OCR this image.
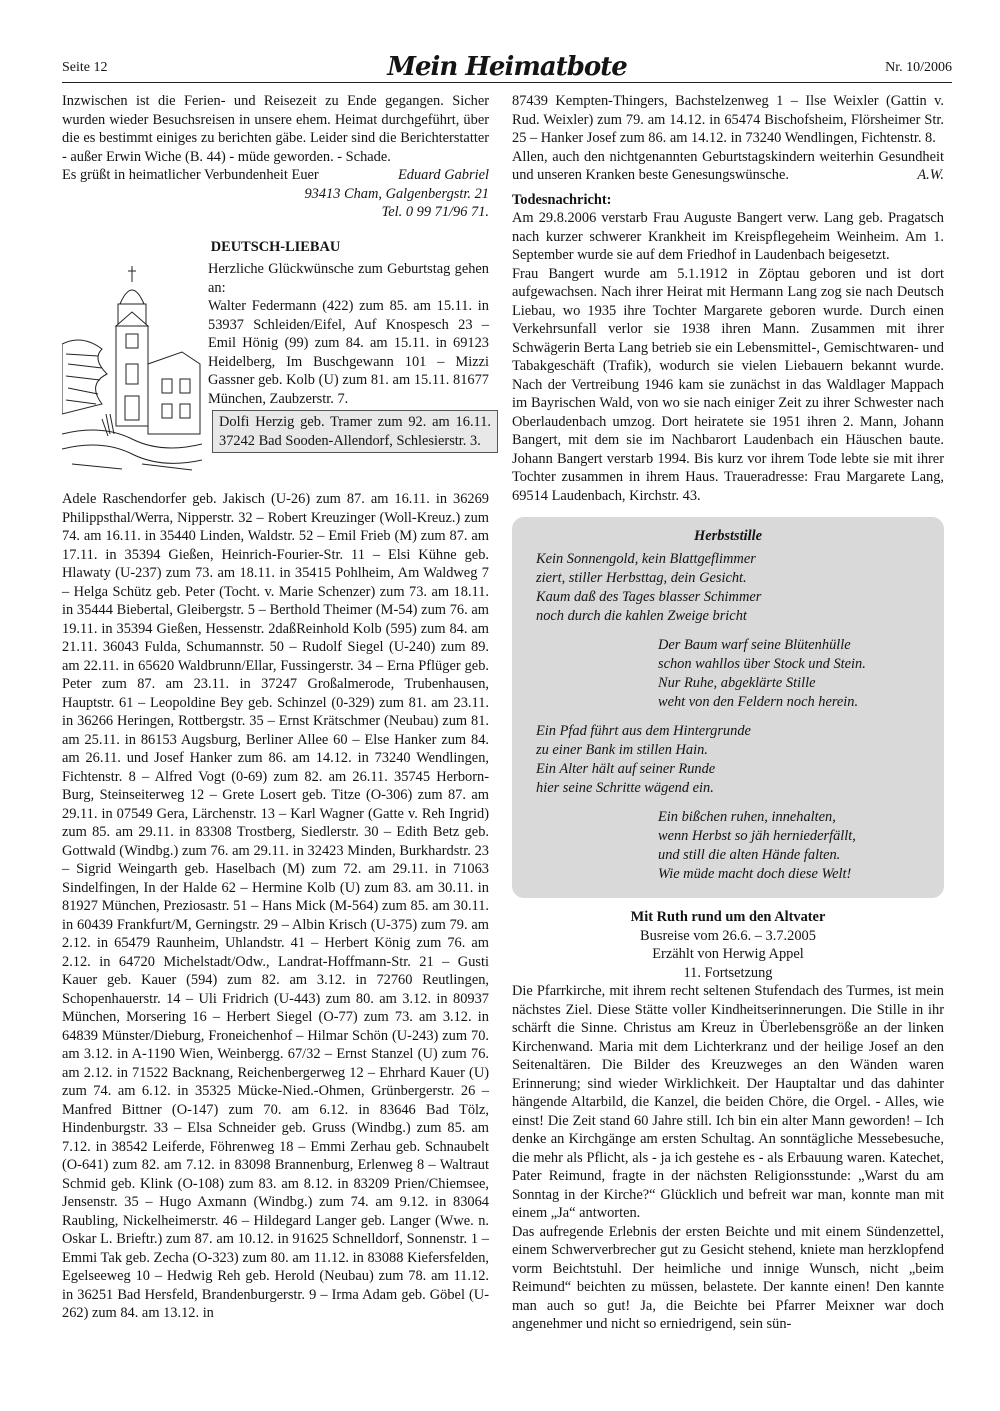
Seite 12	Mein Heimatbote	Nr. 10/2006

Inzwischen ist die Ferien- und Reisezeit zu Ende gegangen. Sicher wurden wieder Besuchsreisen in unsere ehem. Heimat durchgeführt, über die es bestimmt einiges zu berichten gäbe. Leider sind die Berichterstatter - außer Erwin Wiche (B. 44) - müde geworden. - Schade.

Es grüßt in heimatlicher Verbundenheit Euer	Eduard Gabriel
93413 Cham, Galgenbergstr. 21
Tel. 0 99 71/96 71.
DEUTSCH-LIEBAU

Herzliche Glückwünsche zum Geburtstag gehen an:

Walter Federmann (422) zum 85. am 15.11. in 53937 Schleiden/Eifel, Auf Knospesch 23 – Emil Hönig (99) zum 84. am 15.11. in 69123 Heidelberg, Im Buschgewann 101 – Mizzi Gassner geb. Kolb (U) zum 81. am 15.11. 81677 München, Zaubzerstr. 7.

Dolfi Herzig geb. Tramer zum 92. am 16.11. 37242 Bad Sooden-Allendorf, Schlesierstr. 3.

Adele Raschendorfer geb. Jakisch (U-26) zum 87. am 16.11. in 36269 Philippsthal/Werra, Nipperstr. 32 – Robert Kreuzinger (Woll-Kreuz.) zum 74. am 16.11. in 35440 Linden, Waldstr. 52 – Emil Frieb (M) zum 87. am 17.11. in 35394 Gießen, Heinrich-Fourier-Str. 11 – Elsi Kühne geb. Hlawaty (U-237) zum 73. am 18.11. in 35415 Pohlheim, Am Waldweg 7 – Helga Schütz geb. Peter (Tocht. v. Marie Schenzer) zum 73. am 18.11. in 35444 Biebertal, Gleibergstr. 5 – Berthold Theimer (M-54) zum 76. am 19.11. in 35394 Gießen, Hessenstr. 2daßReinhold Kolb (595) zum 84. am 21.11. 36043 Fulda, Schumannstr. 50 – Rudolf Siegel (U-240) zum 89. am 22.11. in 65620 Waldbrunn/Ellar, Fussingerstr. 34 – Erna Pflüger geb. Peter zum 87. am 23.11. in 37247 Großalmerode, Trubenhausen, Hauptstr. 61 – Leopoldine Bey geb. Schinzel (0-329) zum 81. am 23.11. in 36266 Heringen, Rottbergstr. 35 – Ernst Krätschmer (Neubau) zum 81. am 25.11. in 86153 Augsburg, Berliner Allee 60 – Else Hanker zum 84. am 26.11. und Josef Hanker zum 86. am 14.12. in 73240 Wendlingen, Fichtenstr. 8 – Alfred Vogt (0-69) zum 82. am 26.11. 35745 Herborn-Burg, Steinseiterweg 12 – Grete Losert geb. Titze (O-306) zum 87. am 29.11. in 07549 Gera, Lärchenstr. 13 – Karl Wagner (Gatte v. Reh Ingrid) zum 85. am 29.11. in 83308 Trostberg, Siedlerstr. 30 – Edith Betz geb. Gottwald (Windbg.) zum 76. am 29.11. in 32423 Minden, Burkhardstr. 23 – Sigrid Weingarth geb. Haselbach (M) zum 72. am 29.11. in 71063 Sindelfingen, In der Halde 62 – Hermine Kolb (U) zum 83. am 30.11. in 81927 München, Preziosastr. 51 – Hans Mick (M-564) zum 85. am 30.11. in 60439 Frankfurt/M, Gerningstr. 29 – Albin Krisch (U-375) zum 79. am 2.12. in 65479 Raunheim, Uhlandstr. 41 – Herbert König zum 76. am 2.12. in 64720 Michelstadt/Odw., Landrat-Hoffmann-Str. 21 – Gusti Kauer geb. Kauer (594) zum 82. am 3.12. in 72760 Reutlingen, Schopenhauerstr. 14 – Uli Fridrich (U-443) zum 80. am 3.12. in 80937 München, Morsering 16 – Herbert Siegel (O-77) zum 73. am 3.12. in 64839 Münster/Dieburg, Froneichenhof – Hilmar Schön (U-243) zum 70. am 3.12. in A-1190 Wien, Weinbergg. 67/32 – Ernst Stanzel (U) zum 76. am 2.12. in 71522 Backnang, Reichenbergerweg 12 – Ehrhard Kauer (U) zum 74. am 6.12. in 35325 Mücke-Nied.-Ohmen, Grünbergerstr. 26 – Manfred Bittner (O-147) zum 70. am 6.12. in 83646 Bad Tölz, Hindenburgstr. 33 – Elsa Schneider geb. Gruss (Windbg.) zum 85. am 7.12. in 38542 Leiferde, Föhrenweg 18 – Emmi Zerhau geb. Schnaubelt (O-641) zum 82. am 7.12. in 83098 Brannenburg, Erlenweg 8 – Waltraut Schmid geb. Klink (O-108) zum 83. am 8.12. in 83209 Prien/Chiemsee, Jensenstr. 35 – Hugo Axmann (Windbg.) zum 74. am 9.12. in 83064 Raubling, Nickelheimerstr. 46 – Hildegard Langer geb. Langer (Wwe. n. Oskar L. Brieftr.) zum 87. am 10.12. in 91625 Schnelldorf, Sonnenstr. 1 – Emmi Tak geb. Zecha (O-323) zum 80. am 11.12. in 83088 Kiefersfelden, Egelseeweg 10 – Hedwig Reh geb. Herold (Neubau) zum 78. am 11.12. in 36251 Bad Hersfeld, Brandenburgerstr. 9 – Irma Adam geb. Göbel (U-262) zum 84. am 13.12. in

87439 Kempten-Thingers, Bachstelzenweg 1 – Ilse Weixler (Gattin v. Rud. Weixler) zum 79. am 14.12. in 65474 Bischofsheim, Flörsheimer Str. 25 – Hanker Josef zum 86. am 14.12. in 73240 Wendlingen, Fichtenstr. 8.

Allen, auch den nichtgenannten Geburtstagskindern weiterhin Gesundheit und unseren Kranken beste Genesungswünsche.	A.W.

Todesnachricht:

Am 29.8.2006 verstarb Frau Auguste Bangert verw. Lang geb. Pragatsch nach kurzer schwerer Krankheit im Kreispflegeheim Weinheim. Am 1. September wurde sie auf dem Friedhof in Laudenbach beigesetzt.

Frau Bangert wurde am 5.1.1912 in Zöptau geboren und ist dort aufgewachsen. Nach ihrer Heirat mit Hermann Lang zog sie nach Deutsch Liebau, wo 1935 ihre Tochter Margarete geboren wurde. Durch einen Verkehrsunfall verlor sie 1938 ihren Mann. Zusammen mit ihrer Schwägerin Berta Lang betrieb sie ein Lebensmittel-, Gemischtwaren- und Tabakgeschäft (Trafik), wodurch sie vielen Liebauern bekannt wurde. Nach der Vertreibung 1946 kam sie zunächst in das Waldlager Mappach im Bayrischen Wald, von wo sie nach einiger Zeit zu ihrer Schwester nach Oberlaudenbach umzog. Dort heiratete sie 1951 ihren 2. Mann, Johann Bangert, mit dem sie im Nachbarort Laudenbach ein Häuschen baute. Johann Bangert verstarb 1994. Bis kurz vor ihrem Tode lebte sie mit ihrer Tochter zusammen in ihrem Haus. Traueradresse: Frau Margarete Lang, 69514 Laudenbach, Kirchstr. 43.

Herbststille
Kein Sonnengold, kein Blattgeflimmer
ziert, stiller Herbsttag, dein Gesicht.
Kaum daß des Tages blasser Schimmer
noch durch die kahlen Zweige bricht
Der Baum warf seine Blütenhülle
schon wahllos über Stock und Stein.
Nur Ruhe, abgeklärte Stille
weht von den Feldern noch herein.
Ein Pfad führt aus dem Hintergrunde
zu einer Bank im stillen Hain.
Ein Alter hält auf seiner Runde
hier seine Schritte wägend ein.
Ein bißchen ruhen, innehalten,
wenn Herbst so jäh herniederfällt,
und still die alten Hände falten.
Wie müde macht doch diese Welt!
Mit Ruth rund um den Altvater
Busreise vom 26.6. – 3.7.2005
Erzählt von Herwig Appel
11. Fortsetzung

Die Pfarrkirche, mit ihrem recht seltenen Stufendach des Turmes, ist mein nächstes Ziel. Diese Stätte voller Kindheitserinnerungen. Die Stille in ihr schärft die Sinne. Christus am Kreuz in Überlebensgröße an der linken Kirchenwand. Maria mit dem Lichterkranz und der heilige Josef an den Seitenaltären. Die Bilder des Kreuzweges an den Wänden waren Erinnerung; sind wieder Wirklichkeit. Der Hauptaltar und das dahinter hängende Altarbild, die Kanzel, die beiden Chöre, die Orgel. - Alles, wie einst! Die Zeit stand 60 Jahre still. Ich bin ein alter Mann geworden! – Ich denke an Kirchgänge am ersten Schultag. An sonntägliche Messebesuche, die mehr als Pflicht, als - ja ich gestehe es - als Erbauung waren. Katechet, Pater Reimund, fragte in der nächsten Religionsstunde: „Warst du am Sonntag in der Kirche?“ Glücklich und befreit war man, konnte man mit einem „Ja“ antworten.

Das aufregende Erlebnis der ersten Beichte und mit einem Sündenzettel, einem Schwerverbrecher gut zu Gesicht stehend, kniete man herzklopfend vorm Beichtstuhl. Der heimliche und innige Wunsch, nicht „beim Reimund“ beichten zu müssen, belastete. Der kannte einen! Den kannte man auch so gut! Ja, die Beichte bei Pfarrer Meixner war doch angenehmer und nicht so erniedrigend, sein sün-
